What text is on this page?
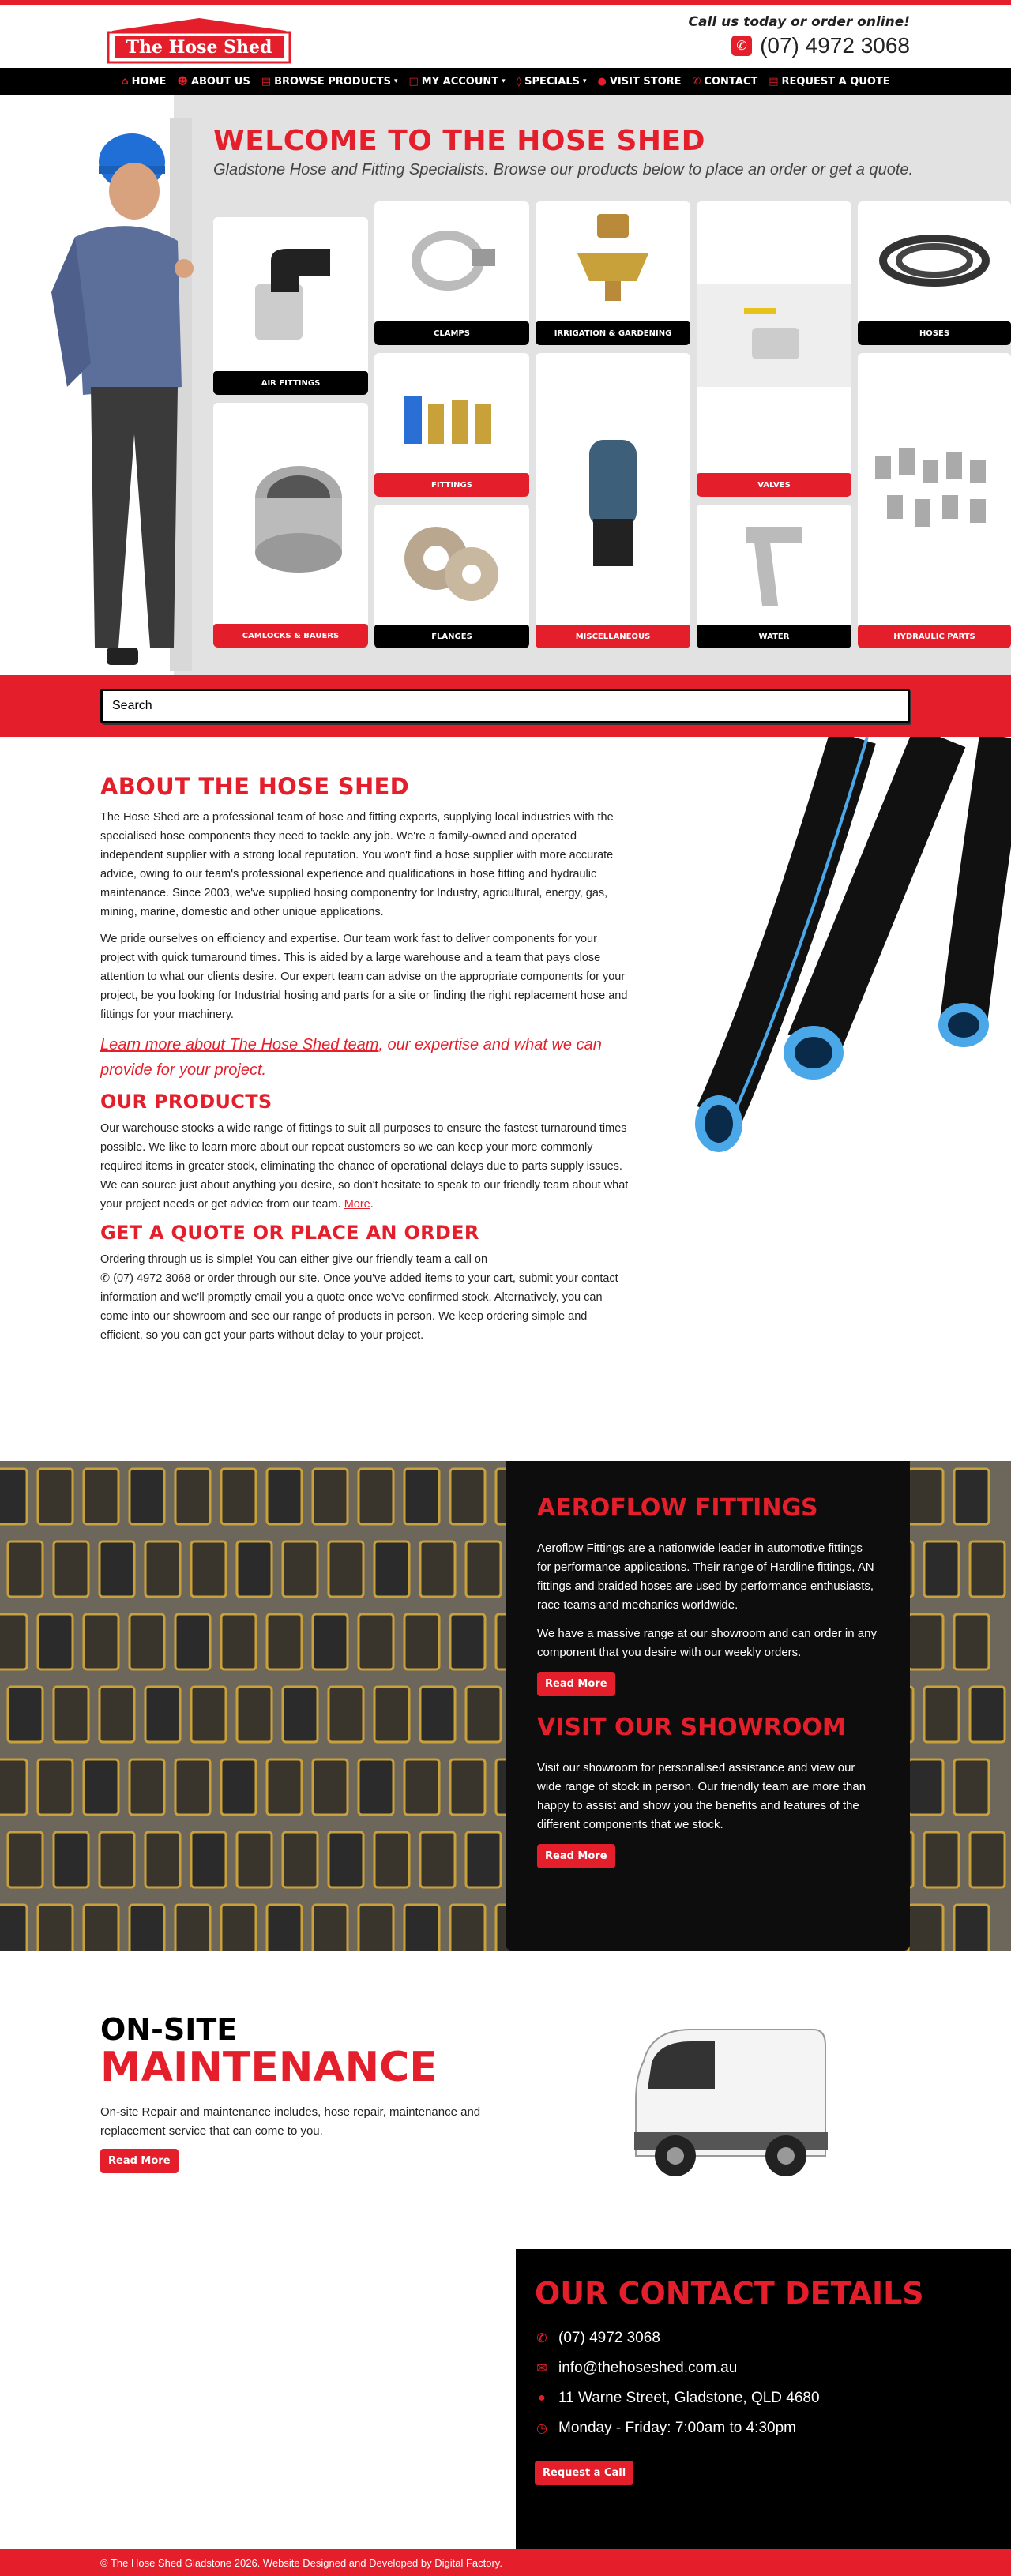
The Hose Shed
Call us today or order online!
✆ (07) 4972 3068
⌂ HOME ☻ ABOUT US ▤ BROWSE PRODUCTS ▾ □ MY ACCOUNT ▾ ◊ SPECIALS ▾ ● VISIT STORE ✆ CONTACT ▤ REQUEST A QUOTE
WELCOME TO THE HOSE SHED
Gladstone Hose and Fitting Specialists. Browse our products below to place an order or get a quote.
AIR FITTINGS
CAMLOCKS & BAUERS
CLAMPS
FITTINGS
FLANGES
IRRIGATION & GARDENING
MISCELLANEOUS
VALVES
WATER
HOSES
HYDRAULIC PARTS
Search
ABOUT THE HOSE SHED

The Hose Shed are a professional team of hose and fitting experts, supplying local industries with the specialised hose components they need to tackle any job. We're a family-owned and operated independent supplier with a strong local reputation. You won't find a hose supplier with more accurate advice, owing to our team's professional experience and qualifications in hose fitting and hydraulic maintenance. Since 2003, we've supplied hosing componentry for Industry, agricultural, energy, gas, mining, marine, domestic and other unique applications.

We pride ourselves on efficiency and expertise. Our team work fast to deliver components for your project with quick turnaround times. This is aided by a large warehouse and a team that pays close attention to what our clients desire. Our expert team can advise on the appropriate components for your project, be you looking for Industrial hosing and parts for a site or finding the right replacement hose and fittings for your machinery.

Learn more about The Hose Shed team, our expertise and what we can provide for your project.

OUR PRODUCTS

Our warehouse stocks a wide range of fittings to suit all purposes to ensure the fastest turnaround times possible. We like to learn more about our repeat customers so we can keep your more commonly required items in greater stock, eliminating the chance of operational delays due to parts supply issues. We can source just about anything you desire, so don't hesitate to speak to our friendly team about what your project needs or get advice from our team. More.

GET A QUOTE OR PLACE AN ORDER

Ordering through us is simple! You can either give our friendly team a call on
✆ (07) 4972 3068 or order through our site. Once you've added items to your cart, submit your contact information and we'll promptly email you a quote once we've confirmed stock. Alternatively, you can come into our showroom and see our range of products in person. We keep ordering simple and efficient, so you can get your parts without delay to your project.

AEROFLOW FITTINGS

Aeroflow Fittings are a nationwide leader in automotive fittings for performance applications. Their range of Hardline fittings, AN fittings and braided hoses are used by performance enthusiasts, race teams and mechanics worldwide.

We have a massive range at our showroom and can order in any component that you desire with our weekly orders.

Read More
VISIT OUR SHOWROOM

Visit our showroom for personalised assistance and view our wide range of stock in person. Our friendly team are more than happy to assist and show you the benefits and features of the different components that we stock.

Read More
ON-SITE
MAINTENANCE

On-site Repair and maintenance includes, hose repair, maintenance and replacement service that can come to you.

Read More
OUR CONTACT DETAILS
✆ (07) 4972 3068
✉ info@thehoseshed.com.au
● 11 Warne Street, Gladstone, QLD 4680
◷ Monday - Friday: 7:00am to 4:30pm
Request a Call
© The Hose Shed Gladstone 2026. Website Designed and Developed by Digital Factory.
